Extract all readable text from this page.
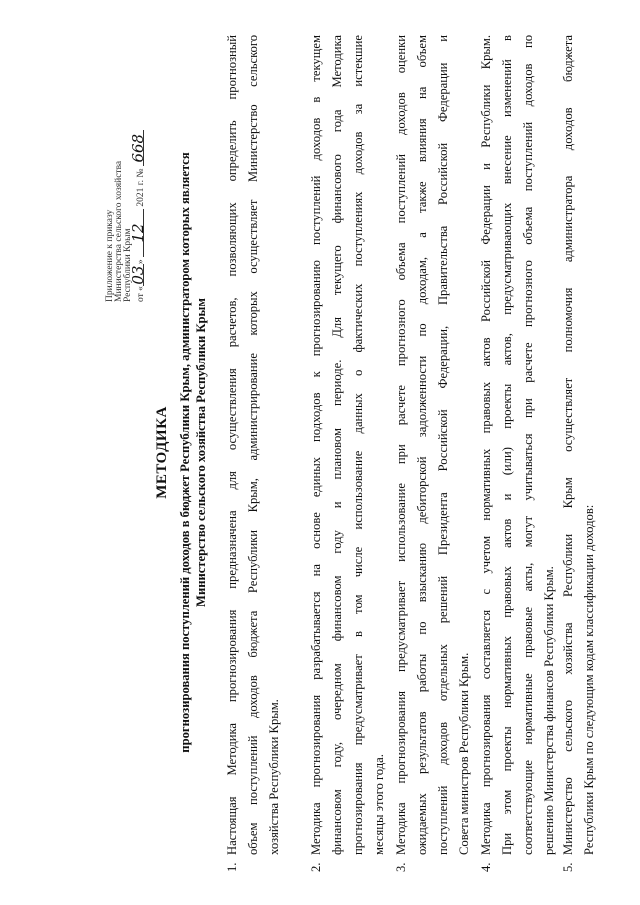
Приложение к приказу Министерства сельского хозяйства Республики Крым от «03» 12 2021 г. № 668
МЕТОДИКА прогнозирования поступлений доходов в бюджет Республики Крым, администратором которых является Министерство сельского хозяйства Республики Крым
1.
Настоящая Методика прогнозирования предназначена для осуществления расчетов, позволяющих определить прогнозный объем поступлений доходов бюджета Республики Крым, администрирование которых осуществляет Министерство сельского хозяйства Республики Крым.
2.
Методика прогнозирования разрабатывается на основе единых подходов к прогнозированию поступлений доходов в текущем финансовом году, очередном финансовом году и плановом периоде. Для текущего финансового года Методика прогнозирования предусматривает в том числе использование данных о фактических поступлениях доходов за истекшие месяцы этого года.
3.
Методика прогнозирования предусматривает использование при расчете прогнозного объема поступлений доходов оценки ожидаемых результатов работы по взысканию дебиторской задолженности по доходам, а также влияния на объем поступлений доходов отдельных решений Президента Российской Федерации, Правительства Российской Федерации и Совета министров Республики Крым.
4.
Методика прогнозирования составляется с учетом нормативных правовых актов Российской Федерации и Республики Крым. При этом проекты нормативных правовых актов и (или) проекты актов, предусматривающих внесение изменений в соответствующие нормативные правовые акты, могут учитываться при расчете прогнозного объема поступлений доходов по решению Министерства финансов Республики Крым.
5.
Министерство сельского хозяйства Республики Крым осуществляет полномочия администратора доходов бюджета Республики Крым по следующим кодам классификации доходов:
